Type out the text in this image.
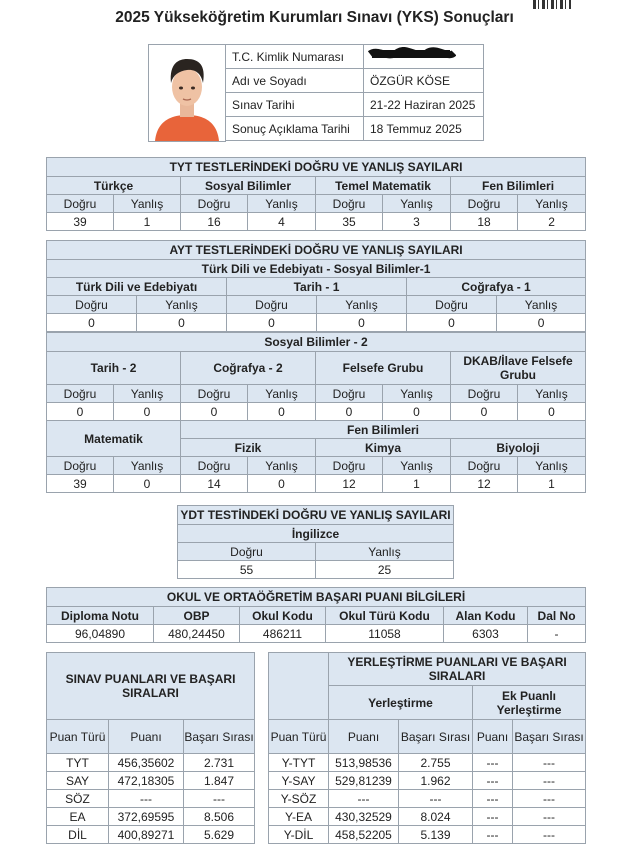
2025 Yükseköğretim Kurumları Sınavı (YKS) Sonuçları
T.C. Kimlik Numarası	
Adı ve Soyadı	ÖZGÜR KÖSE
Sınav Tarihi	21-22 Haziran 2025
Sonuç Açıklama Tarihi	18 Temmuz 2025
TYT TESTLERİNDEKİ DOĞRU VE YANLIŞ SAYILARI							
Türkçe		Sosyal Bilimler		Temel Matematik		Fen Bilimleri	
Doğru	Yanlış	Doğru	Yanlış	Doğru	Yanlış	Doğru	Yanlış
39	1	16	4	35	3	18	2
AYT TESTLERİNDEKİ DOĞRU VE YANLIŞ SAYILARI					
Türk Dili ve Edebiyatı - Sosyal Bilimler-1					
Türk Dili ve Edebiyatı		Tarih - 1		Coğrafya - 1	
Doğru	Yanlış	Doğru	Yanlış	Doğru	Yanlış
0	0	0	0	0	0
Sosyal Bilimler - 2							
Tarih - 2		Coğrafya - 2		Felsefe Grubu		DKAB/İlave Felsefe Grubu	
Doğru	Yanlış	Doğru	Yanlış	Doğru	Yanlış	Doğru	Yanlış
0	0	0	0	0	0	0	0
Matematik		Fen Bilimleri					
		Fizik		Kimya		Biyoloji	
Doğru	Yanlış	Doğru	Yanlış	Doğru	Yanlış	Doğru	Yanlış
39	0	14	0	12	1	12	1
YDT TESTİNDEKİ DOĞRU VE YANLIŞ SAYILARI	
İngilizce	
Doğru	Yanlış
55	25
OKUL VE ORTAÖĞRETİM BAŞARI PUANI BİLGİLERİ					
Diploma Notu	OBP	Okul Kodu	Okul Türü Kodu	Alan Kodu	Dal No
96,04890	480,24450	486211	11058	6303	-
SINAV PUANLARI VE BAŞARI SIRALARI		
Puan Türü	Puanı	Başarı Sırası
TYT	456,35602	2.731
SAY	472,18305	1.847
SÖZ	---	---
EA	372,69595	8.506
DİL	400,89271	5.629
	YERLEŞTİRME PUANLARI VE BAŞARI SIRALARI			
	Yerleştirme		Ek Puanlı Yerleştirme	
Puan Türü	Puanı	Başarı Sırası	Puanı	Başarı Sırası
Y-TYT	513,98536	2.755	---	---
Y-SAY	529,81239	1.962	---	---
Y-SÖZ	---	---	---	---
Y-EA	430,32529	8.024	---	---
Y-DİL	458,52205	5.139	---	---
